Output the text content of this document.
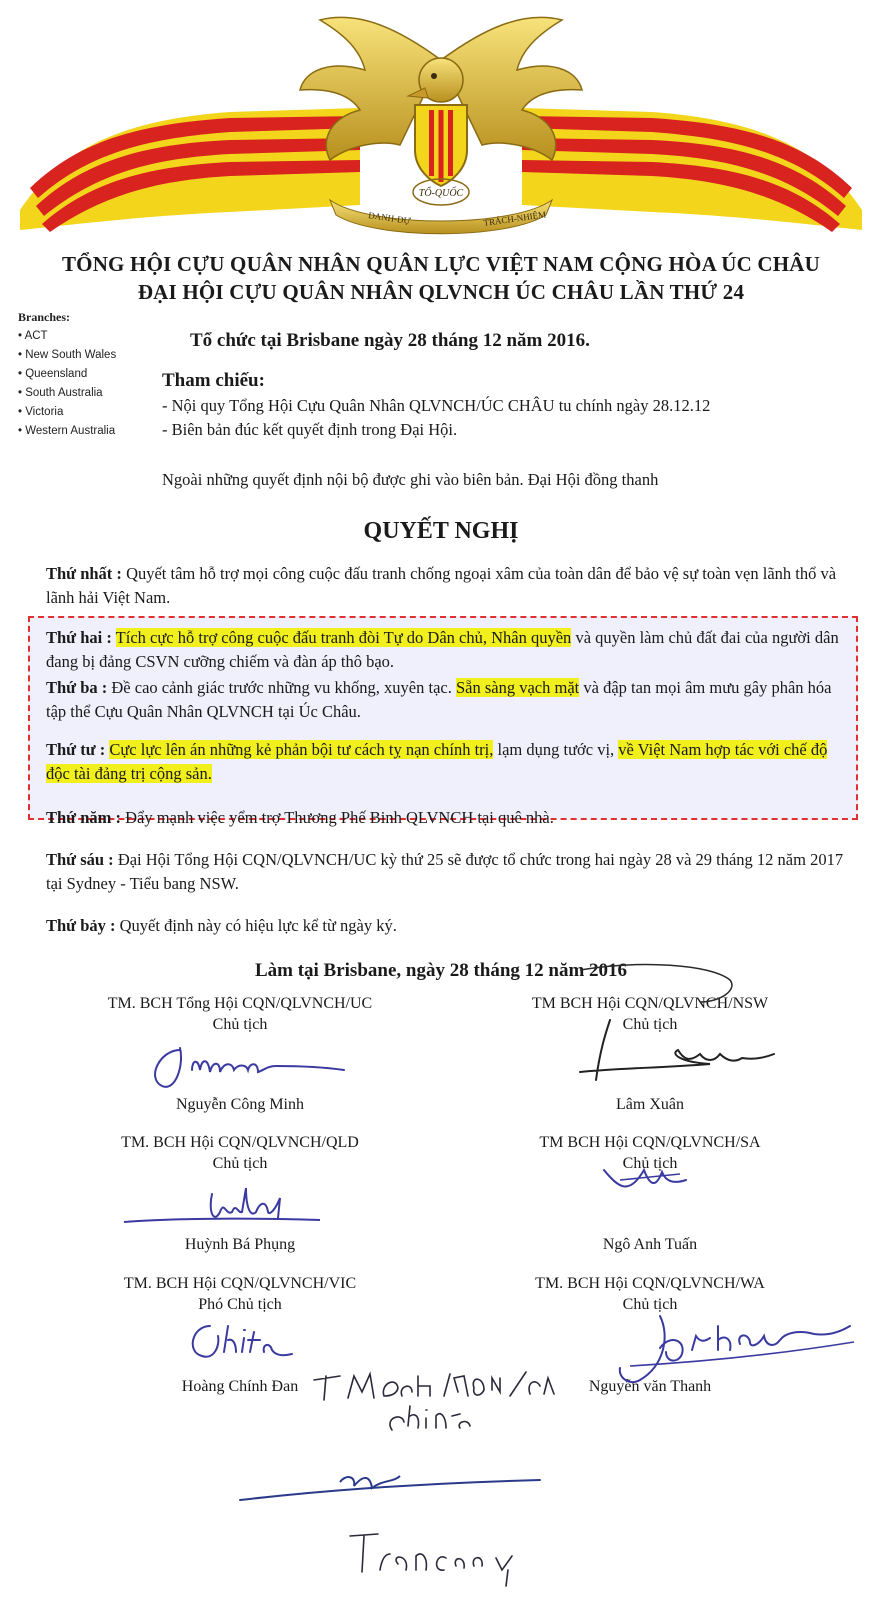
DANH-DỰ
TỔ-QUỐC
TRÁCH-NHIỆM
TỔNG HỘI CỰU QUÂN NHÂN QUÂN LỰC VIỆT NAM CỘNG HÒA ÚC CHÂU
ĐẠI HỘI CỰU QUÂN NHÂN QLVNCH ÚC CHÂU LẦN THỨ 24
Branches:
• ACT
• New South Wales
• Queensland
• South Australia
• Victoria
• Western Australia
Tổ chức tại Brisbane ngày 28 tháng 12 năm 2016.
Tham chiếu:
- Nội quy Tổng Hội Cựu Quân Nhân QLVNCH/ÚC CHÂU tu chính ngày 28.12.12
- Biên bản đúc kết quyết định trong Đại Hội.
Ngoài những quyết định nội bộ được ghi vào biên bản. Đại Hội đồng thanh
QUYẾT NGHỊ
Thứ nhất : Quyết tâm hỗ trợ mọi công cuộc đấu tranh chống ngoại xâm của toàn dân để bảo vệ sự toàn vẹn lãnh thổ và lãnh hải Việt Nam.
Thứ hai : Tích cực hỗ trợ công cuộc đấu tranh đòi Tự do Dân chủ, Nhân quyền và quyền làm chủ đất đai của người dân đang bị đảng CSVN cưỡng chiếm và đàn áp thô bạo.
Thứ ba : Đề cao cảnh giác trước những vu khống, xuyên tạc. Sẵn sàng vạch mặt và đập tan mọi âm mưu gây phân hóa tập thể Cựu Quân Nhân QLVNCH tại Úc Châu.
Thứ tư : Cực lực lên án những kẻ phản bội tư cách tỵ nạn chính trị, lạm dụng tước vị, về Việt Nam hợp tác với chế độ độc tài đảng trị cộng sản.
Thứ năm : Đẩy mạnh việc yểm trợ Thương Phế Binh QLVNCH tại quê nhà.
Thứ sáu : Đại Hội Tổng Hội CQN/QLVNCH/UC kỳ thứ 25 sẽ được tổ chức trong hai ngày 28 và 29 tháng 12 năm 2017 tại Sydney - Tiểu bang NSW.
Thứ bảy : Quyết định này có hiệu lực kể từ ngày ký.
Làm tại Brisbane, ngày 28 tháng 12 năm 2016
TM. BCH Tổng Hội CQN/QLVNCH/UC
Chủ tịch
Nguyễn Công Minh
TM BCH Hội CQN/QLVNCH/NSW
Chủ tịch
Lâm Xuân
TM. BCH Hội CQN/QLVNCH/QLD
Chủ tịch
Huỳnh Bá Phụng
TM BCH Hội CQN/QLVNCH/SA
Chủ tịch
Ngô Anh Tuấn
TM. BCH Hội CQN/QLVNCH/VIC
Phó Chủ tịch
Hoàng Chính Đan
TM. BCH Hội CQN/QLVNCH/WA
Chủ tịch
Nguyễn văn Thanh
